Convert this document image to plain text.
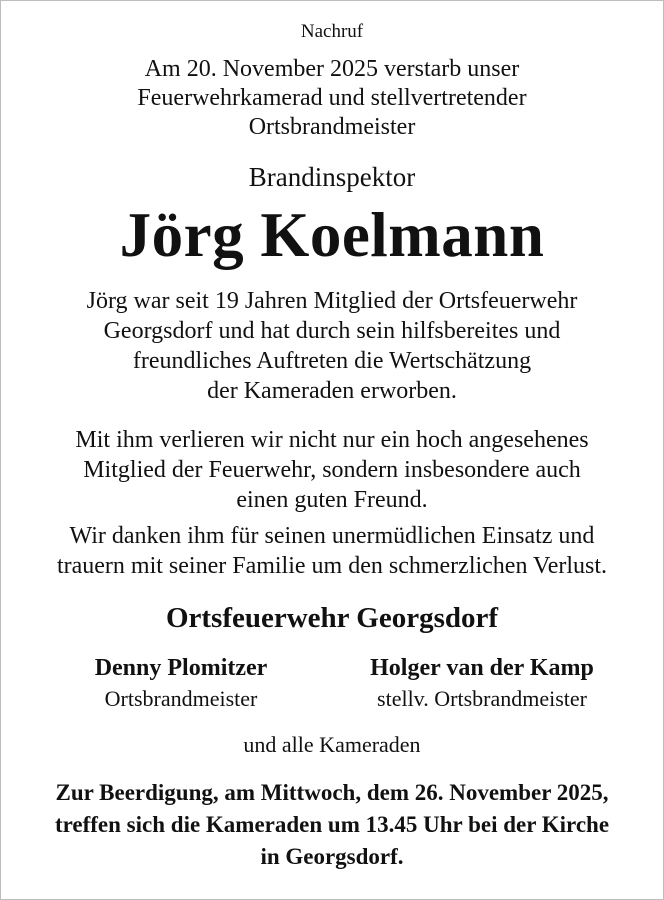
Nachruf

Am 20. November 2025 verstarb unser
Feuerwehrkamerad und stellvertretender
Ortsbrandmeister

Brandinspektor

Jörg Koelmann
Jörg war seit 19 Jahren Mitglied der Ortsfeuerwehr
Georgsdorf und hat durch sein hilfsbereites und
freundliches Auftreten die Wertschätzung
der Kameraden erworben.
Mit ihm verlieren wir nicht nur ein hoch angesehenes
Mitglied der Feuerwehr, sondern insbesondere auch
einen guten Freund.
Wir danken ihm für seinen unermüdlichen Einsatz und
trauern mit seiner Familie um den schmerzlichen Verlust.

Ortsfeuerwehr Georgsdorf

Denny Plomitzer
Ortsbrandmeister
Holger van der Kamp
stellv. Ortsbrandmeister

und alle Kameraden

Zur Beerdigung, am Mittwoch, dem 26. November 2025,
treffen sich die Kameraden um 13.45 Uhr bei der Kirche
in Georgsdorf.
